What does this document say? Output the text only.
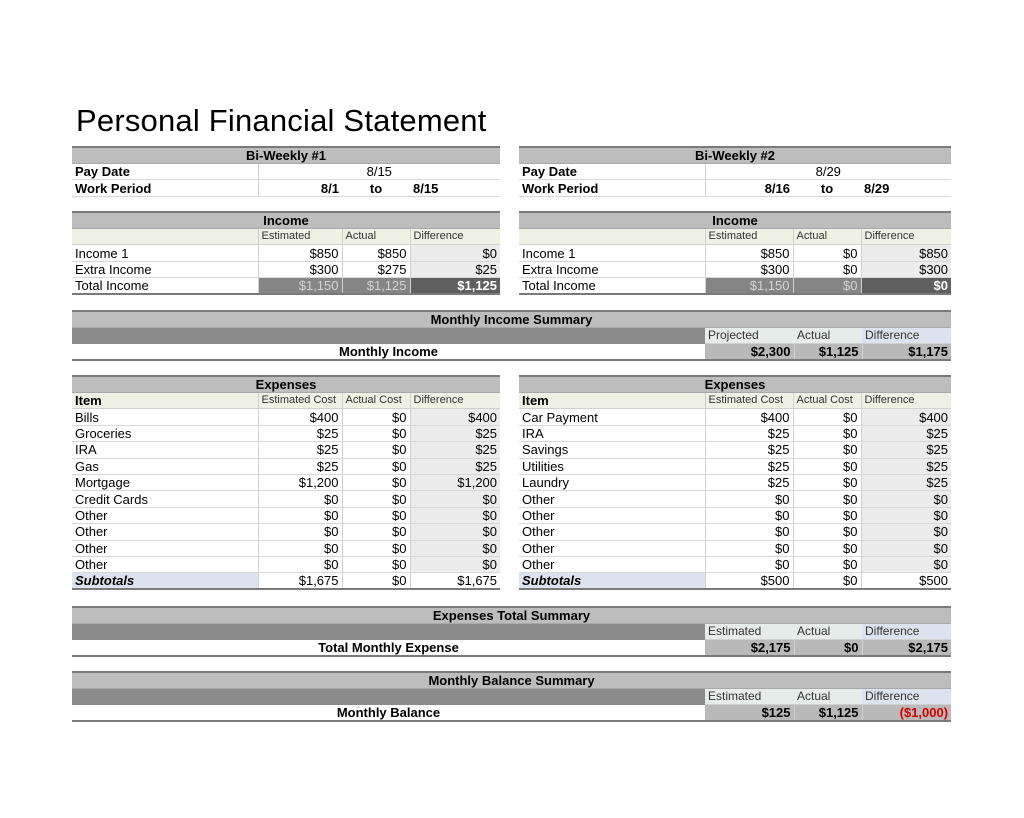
Personal Financial Statement
Bi-Weekly #1			
Pay Date	8/15		
Work Period	8/1	to	8/15
Bi-Weekly #2			
Pay Date	8/29		
Work Period	8/16	to	8/29
Income			
	Estimated	Actual	Difference
Income 1	$850	$850	$0
Extra Income	$300	$275	$25
Total Income	$1,150	$1,125	$1,125
Income			
	Estimated	Actual	Difference
Income 1	$850	$0	$850
Extra Income	$300	$0	$300
Total Income	$1,150	$0	$0
Monthly Income Summary			
	Projected	Actual	Difference
Monthly Income	$2,300	$1,125	$1,175
Expenses			
Item	Estimated Cost	Actual Cost	Difference
Bills	$400	$0	$400
Groceries	$25	$0	$25
IRA	$25	$0	$25
Gas	$25	$0	$25
Mortgage	$1,200	$0	$1,200
Credit Cards	$0	$0	$0
Other	$0	$0	$0
Other	$0	$0	$0
Other	$0	$0	$0
Other	$0	$0	$0
Subtotals	$1,675	$0	$1,675
Expenses			
Item	Estimated Cost	Actual Cost	Difference
Car Payment	$400	$0	$400
IRA	$25	$0	$25
Savings	$25	$0	$25
Utilities	$25	$0	$25
Laundry	$25	$0	$25
Other	$0	$0	$0
Other	$0	$0	$0
Other	$0	$0	$0
Other	$0	$0	$0
Other	$0	$0	$0
Subtotals	$500	$0	$500
Expenses Total Summary			
	Estimated	Actual	Difference
Total Monthly Expense	$2,175	$0	$2,175
Monthly Balance Summary			
	Estimated	Actual	Difference
Monthly Balance	$125	$1,125	($1,000)
